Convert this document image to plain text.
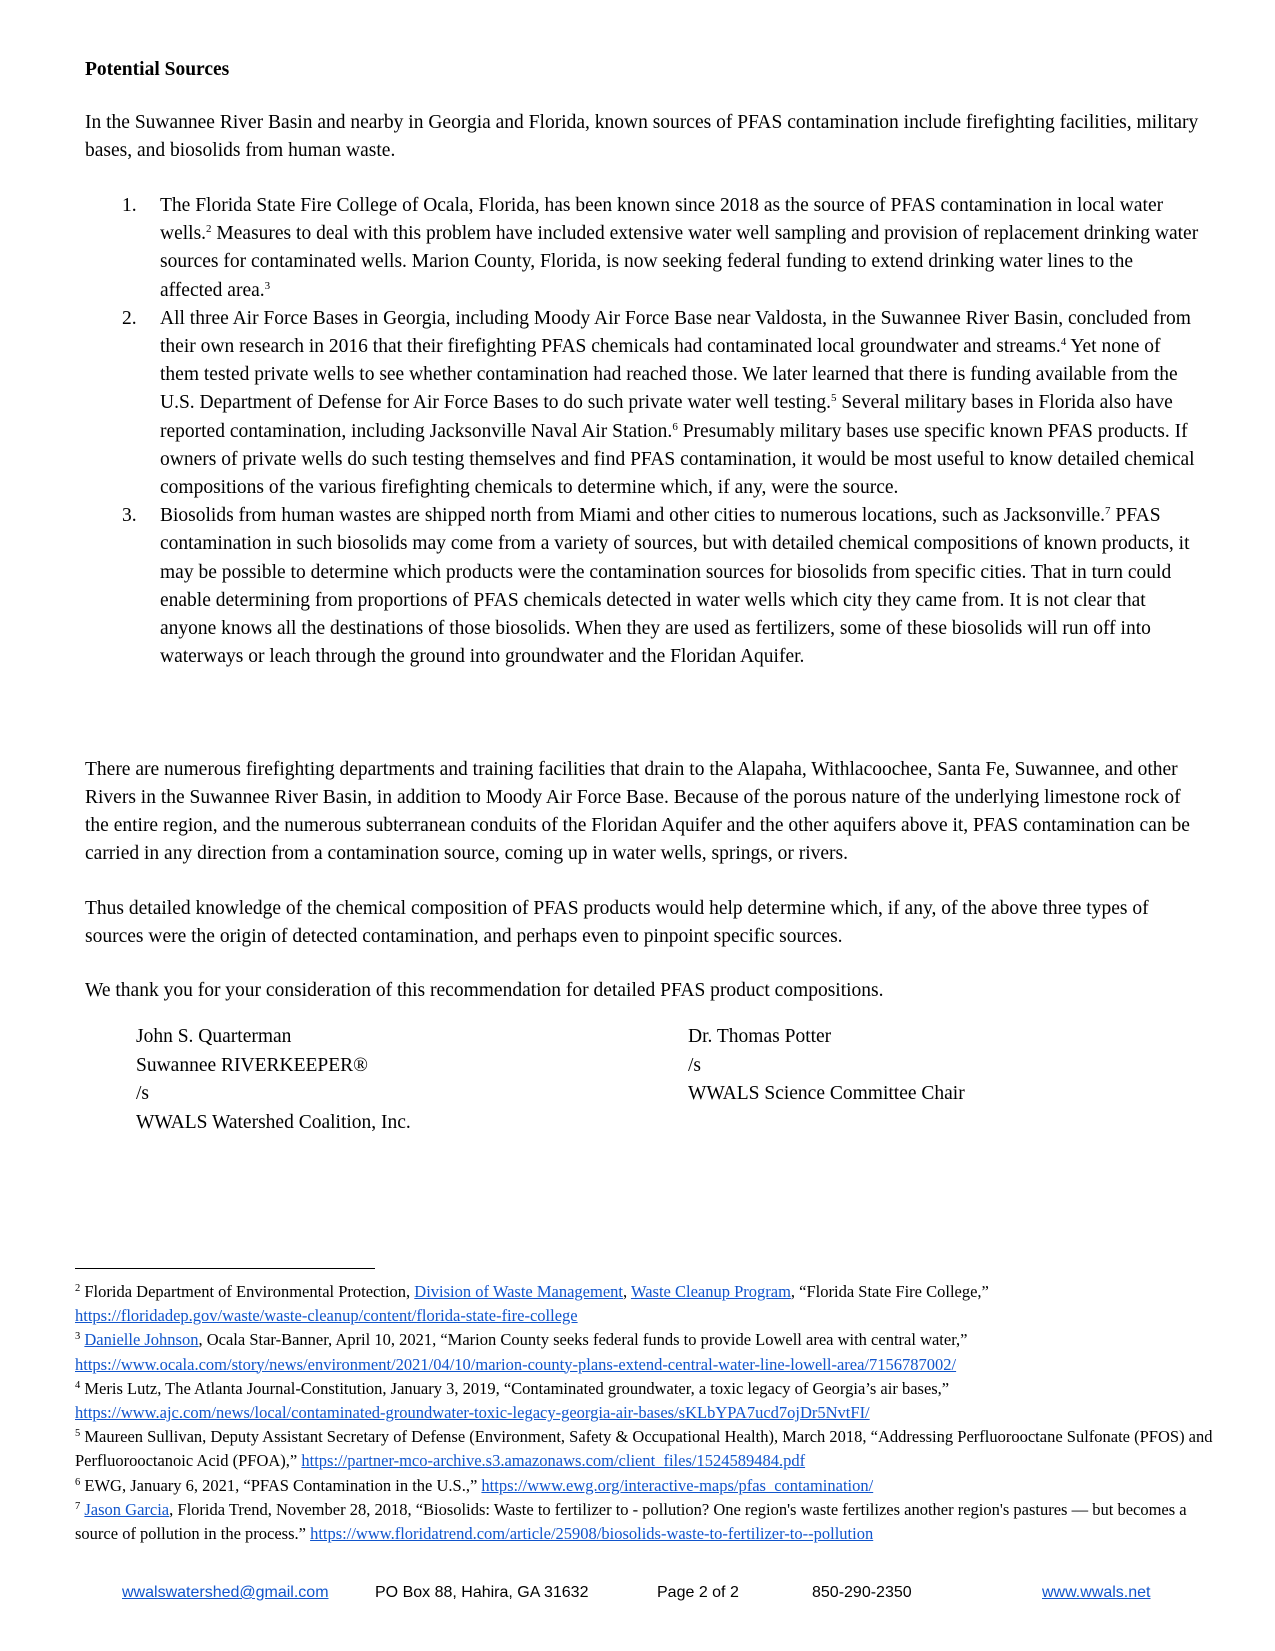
Potential Sources

In the Suwannee River Basin and nearby in Georgia and Florida, known sources of PFAS contamination include firefighting facilities, military bases, and biosolids from human waste.

1. The Florida State Fire College of Ocala, Florida, has been known since 2018 as the source of PFAS contamination in local water wells.$^2$ Measures to deal with this problem have included extensive water well sampling and provision of replacement drinking water sources for contaminated wells. Marion County, Florida, is now seeking federal funding to extend drinking water lines to the affected area.$^3$
2. All three Air Force Bases in Georgia, including Moody Air Force Base near Valdosta, in the Suwannee River Basin, concluded from their own research in 2016 that their firefighting PFAS chemicals had contaminated local groundwater and streams.$^4$ Yet none of them tested private wells to see whether contamination had reached those. We later learned that there is funding available from the U.S. Department of Defense for Air Force Bases to do such private water well testing.$^5$ Several military bases in Florida also have reported contamination, including Jacksonville Naval Air Station.$^6$ Presumably military bases use specific known PFAS products. If owners of private wells do such testing themselves and find PFAS contamination, it would be most useful to know detailed chemical compositions of the various firefighting chemicals to determine which, if any, were the source.
3. Biosolids from human wastes are shipped north from Miami and other cities to numerous locations, such as Jacksonville.$^7$ PFAS contamination in such biosolids may come from a variety of sources, but with detailed chemical compositions of known products, it may be possible to determine which products were the contamination sources for biosolids from specific cities. That in turn could enable determining from proportions of PFAS chemicals detected in water wells which city they came from. It is not clear that anyone knows all the destinations of those biosolids. When they are used as fertilizers, some of these biosolids will run off into waterways or leach through the ground into groundwater and the Floridan Aquifer.

There are numerous firefighting departments and training facilities that drain to the Alapaha, Withlacoochee, Santa Fe, Suwannee, and other Rivers in the Suwannee River Basin, in addition to Moody Air Force Base. Because of the porous nature of the underlying limestone rock of the entire region, and the numerous subterranean conduits of the Floridan Aquifer and the other aquifers above it, PFAS contamination can be carried in any direction from a contamination source, coming up in water wells, springs, or rivers.

Thus detailed knowledge of the chemical composition of PFAS products would help determine which, if any, of the above three types of sources were the origin of detected contamination, and perhaps even to pinpoint specific sources.

We thank you for your consideration of this recommendation for detailed PFAS product compositions.

John S. Quarterman
Suwannee RIVERKEEPER®
/s
WWALS Watershed Coalition, Inc.
Dr. Thomas Potter
/s
WWALS Science Committee Chair

$^2$ Florida Department of Environmental Protection, Division of Waste Management, Waste Cleanup Program, “Florida State Fire College,”
https://floridadep.gov/waste/waste-cleanup/content/florida-state-fire-college

$^3$ Danielle Johnson, Ocala Star-Banner, April 10, 2021, “Marion County seeks federal funds to provide Lowell area with central water,”
https://www.ocala.com/story/news/environment/2021/04/10/marion-county-plans-extend-central-water-line-lowell-area/7156787002/

$^4$ Meris Lutz, The Atlanta Journal-Constitution, January 3, 2019, “Contaminated groundwater, a toxic legacy of Georgia’s air bases,”
https://www.ajc.com/news/local/contaminated-groundwater-toxic-legacy-georgia-air-bases/sKLbYPA7ucd7ojDr5NvtFI/

$^5$ Maureen Sullivan, Deputy Assistant Secretary of Defense (Environment, Safety & Occupational Health), March 2018, “Addressing Perfluorooctane Sulfonate (PFOS) and Perfluorooctanoic Acid (PFOA),” https://partner-mco-archive.s3.amazonaws.com/client_files/1524589484.pdf

$^6$ EWG, January 6, 2021, “PFAS Contamination in the U.S.,” https://www.ewg.org/interactive-maps/pfas_contamination/

$^7$ Jason Garcia, Florida Trend, November 28, 2018, “Biosolids: Waste to fertilizer to - pollution? One region's waste fertilizes another region's pastures — but becomes a source of pollution in the process.” https://www.floridatrend.com/article/25908/biosolids-waste-to-fertilizer-to--pollution

wwalswatershed@gmail.com	PO Box 88, Hahira, GA 31632	Page 2 of 2	850-290-2350	www.wwals.net
